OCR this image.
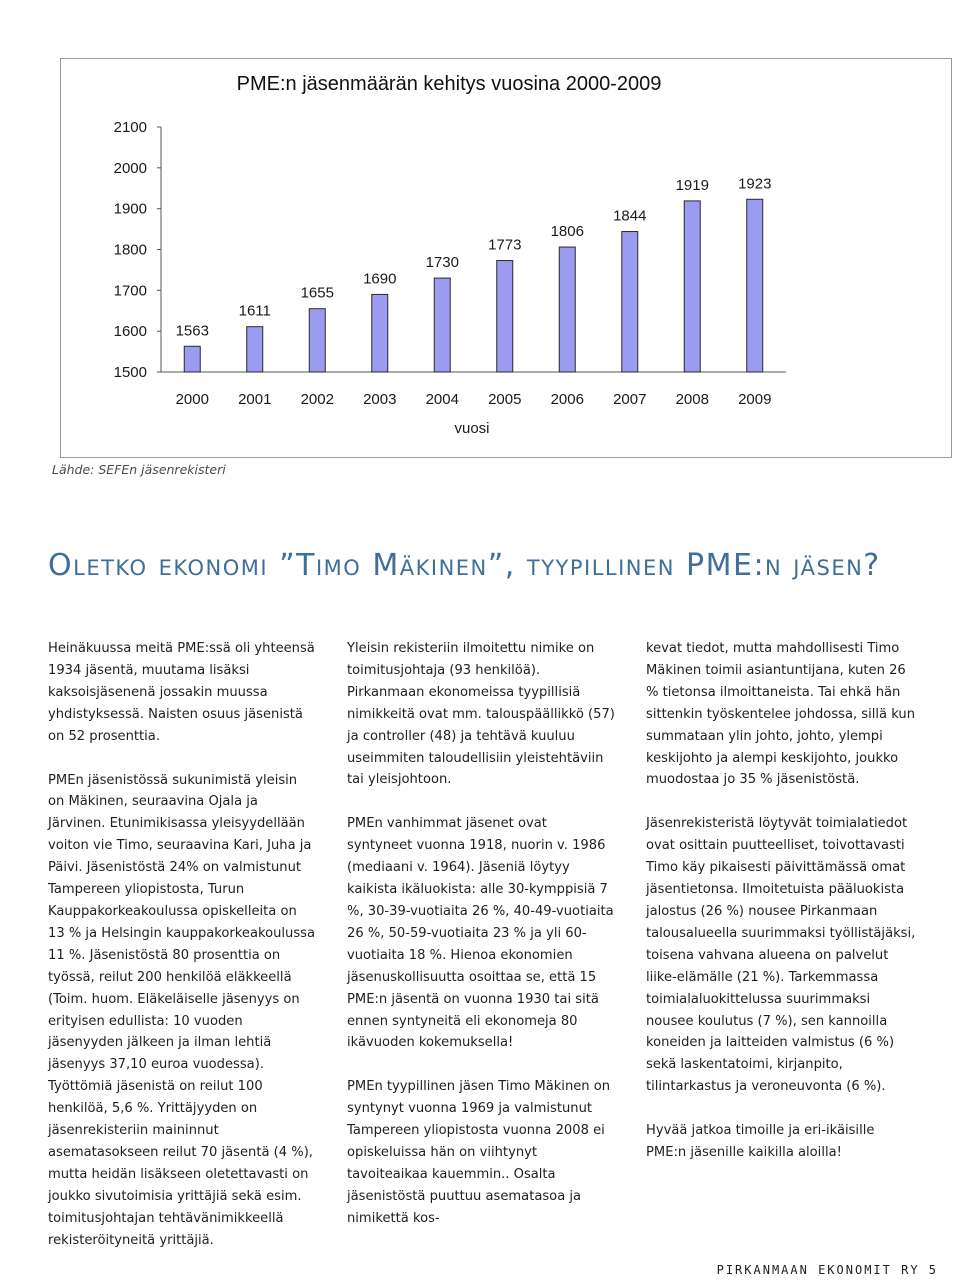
PME:n jäsenmäärän kehitys vuosina 2000-2009
1500
1600
1700
1800
1900
2000
2100
2000 2001 2002 2003 2004 2005 2006 2007 2008 2009
1563
1611
1655
1690
1730
1773
1806
1844
1919 1923
vuosi

Lähde: SEFEn jäsenrekisteri

Oletko ekonomi ”Timo Mäkinen”, tyypillinen PME:n jäsen?

Heinäkuussa meitä PME:ssä oli yhteensä 1934 jäsentä, muutama lisäksi kaksoisjäsenenä jossakin muussa yhdistyksessä. Naisten osuus jäsenistä on 52 prosenttia.

PMEn jäsenistössä sukunimistä yleisin on Mäkinen, seuraavina Ojala ja Järvinen. Etunimikisassa yleisyydellään voiton vie Timo, seuraavina Kari, Juha ja Päivi. Jäsenistöstä 24% on valmistunut Tampereen yliopistosta, Turun Kauppakorkeakoulussa opiskelleita on 13 % ja Helsingin kauppakorkeakoulussa 11 %. Jäsenistöstä 80 prosenttia on työssä, reilut 200 henkilöä eläkkeellä (Toim. huom. Eläkeläiselle jäsenyys on erityisen edullista: 10 vuoden jäsenyyden jälkeen ja ilman lehtiä jäsenyys 37,10 euroa vuodessa). Työttömiä jäsenistä on reilut 100 henkilöä, 5,6 %. Yrittäjyyden on jäsenrekisteriin maininnut asematasokseen reilut 70 jäsentä (4 %), mutta heidän lisäkseen oletettavasti on joukko sivutoimisia yrittäjiä sekä esim. toimitusjohtajan tehtävänimikkeellä rekisteröityneitä yrittäjiä.

Yleisin rekisteriin ilmoitettu nimike on toimitusjohtaja (93 henkilöä). Pirkanmaan ekonomeissa tyypillisiä nimikkeitä ovat mm. talouspäällikkö (57) ja controller (48) ja tehtävä kuuluu useimmiten taloudellisiin yleistehtäviin tai yleisjohtoon.

PMEn vanhimmat jäsenet ovat syntyneet vuonna 1918, nuorin v. 1986 (mediaani v. 1964). Jäseniä löytyy kaikista ikäluokista: alle 30-kymppisiä 7 %, 30-39-vuotiaita 26 %, 40-49-vuotiaita 26 %, 50-59-vuotiaita 23 % ja yli 60-vuotiaita 18 %. Hienoa ekonomien jäsenuskollisuutta osoittaa se, että 15 PME:n jäsentä on vuonna 1930 tai sitä ennen syntyneitä eli ekonomeja 80 ikävuoden kokemuksella!

PMEn tyypillinen jäsen Timo Mäkinen on syntynyt vuonna 1969 ja valmistunut Tampereen yliopistosta vuonna 2008 ei opiskeluissa hän on viihtynyt tavoiteaikaa kauemmin.. Osalta jäsenistöstä puuttuu asematasoa ja nimikettä kos-

kevat tiedot, mutta mahdollisesti Timo Mäkinen toimii asiantuntijana, kuten 26 % tietonsa ilmoittaneista. Tai ehkä hän sittenkin työskentelee johdossa, sillä kun summataan ylin johto, johto, ylempi keskijohto ja alempi keskijohto, joukko muodostaa jo 35 % jäsenistöstä.

Jäsenrekisteristä löytyvät toimialatiedot ovat osittain puutteelliset, toivottavasti Timo käy pikaisesti päivittämässä omat jäsentietonsa. Ilmoitetuista pääluokista jalostus (26 %) nousee Pirkanmaan talousalueella suurimmaksi työllistäjäksi, toisena vahvana alueena on palvelut liike-elämälle (21 %). Tarkemmassa toimialaluokittelussa suurimmaksi nousee koulutus (7 %), sen kannoilla koneiden ja laitteiden valmistus (6 %) sekä laskentatoimi, kirjanpito, tilintarkastus ja veroneuvonta (6 %).

Hyvää jatkoa timoille ja eri-ikäisille PME:n jäsenille kaikilla aloilla!

PIRKANMAAN EKONOMIT RY 5
